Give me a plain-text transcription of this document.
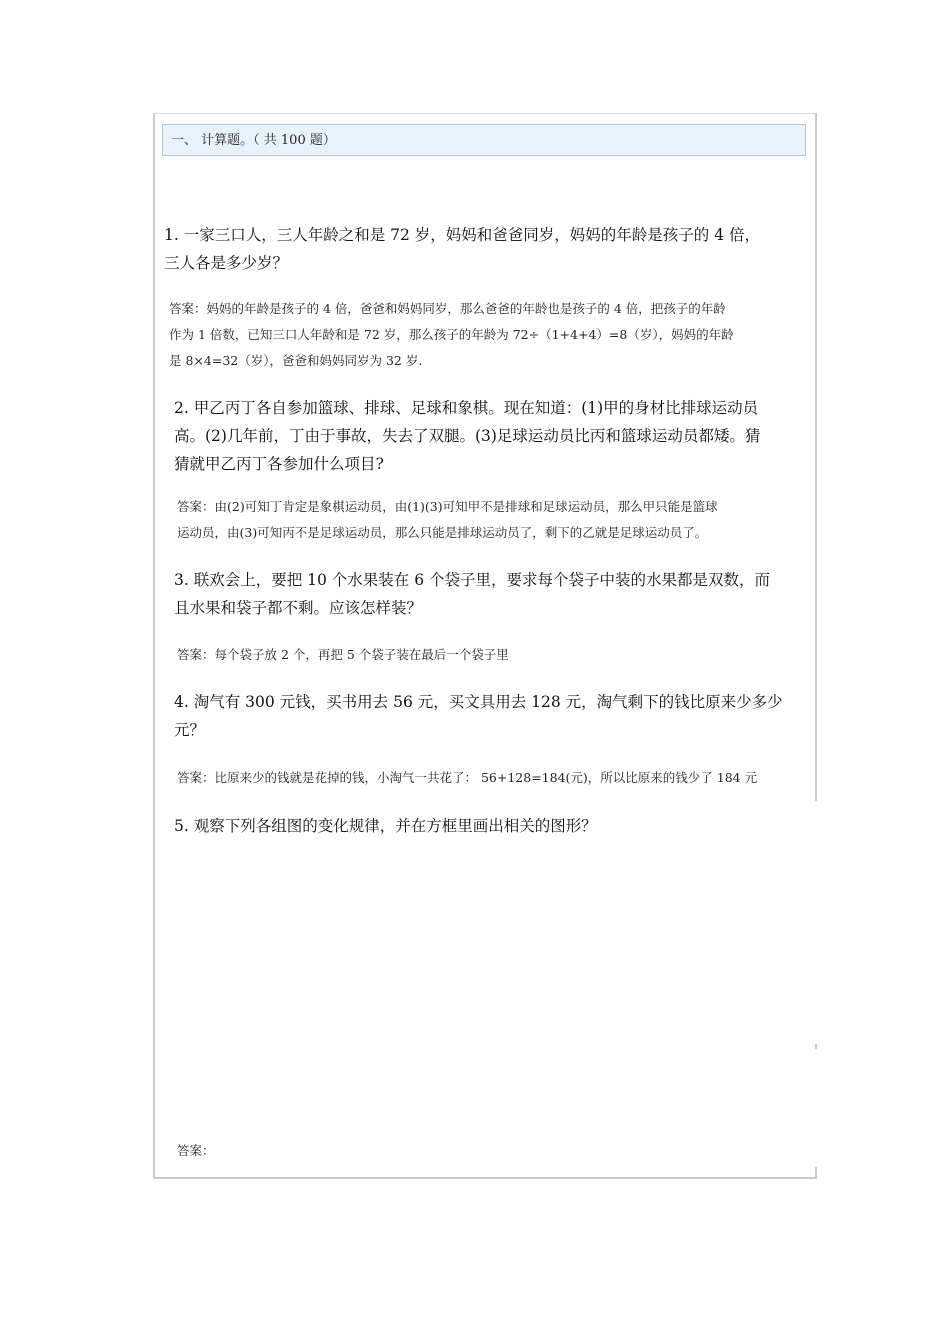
一、 计算题。（ 共 100 题）
1. 一家三口人，三人年龄之和是 72 岁，妈妈和爸爸同岁，妈妈的年龄是孩子的 4 倍，
三人各是多少岁？
答案：妈妈的年龄是孩子的 4 倍，爸爸和妈妈同岁，那么爸爸的年龄也是孩子的 4 倍，把孩子的年龄
作为 1 倍数，已知三口人年龄和是 72 岁，那么孩子的年龄为 72÷（1+4+4）=8（岁），妈妈的年龄
是 8×4=32（岁），爸爸和妈妈同岁为 32 岁.
2. 甲乙丙丁各自参加篮球、排球、足球和象棋。现在知道：(1)甲的身材比排球运动员
高。(2)几年前，丁由于事故，失去了双腿。(3)足球运动员比丙和篮球运动员都矮。猜
猜就甲乙丙丁各参加什么项目?
答案：由(2)可知丁肯定是象棋运动员，由(1)(3)可知甲不是排球和足球运动员，那么甲只能是篮球
运动员，由(3)可知丙不是足球运动员，那么只能是排球运动员了，剩下的乙就是足球运动员了。
3. 联欢会上，要把 10 个水果装在 6 个袋子里，要求每个袋子中装的水果都是双数，而
且水果和袋子都不剩。应该怎样装？
答案：每个袋子放 2 个，再把 5 个袋子装在最后一个袋子里
4. 淘气有 300 元钱，买书用去 56 元，买文具用去 128 元，淘气剩下的钱比原来少多少
元？
答案：比原来少的钱就是花掉的钱，小淘气一共花了： 56+128=184(元)，所以比原来的钱少了 184 元
5. 观察下列各组图的变化规律，并在方框里画出相关的图形？
答案：
